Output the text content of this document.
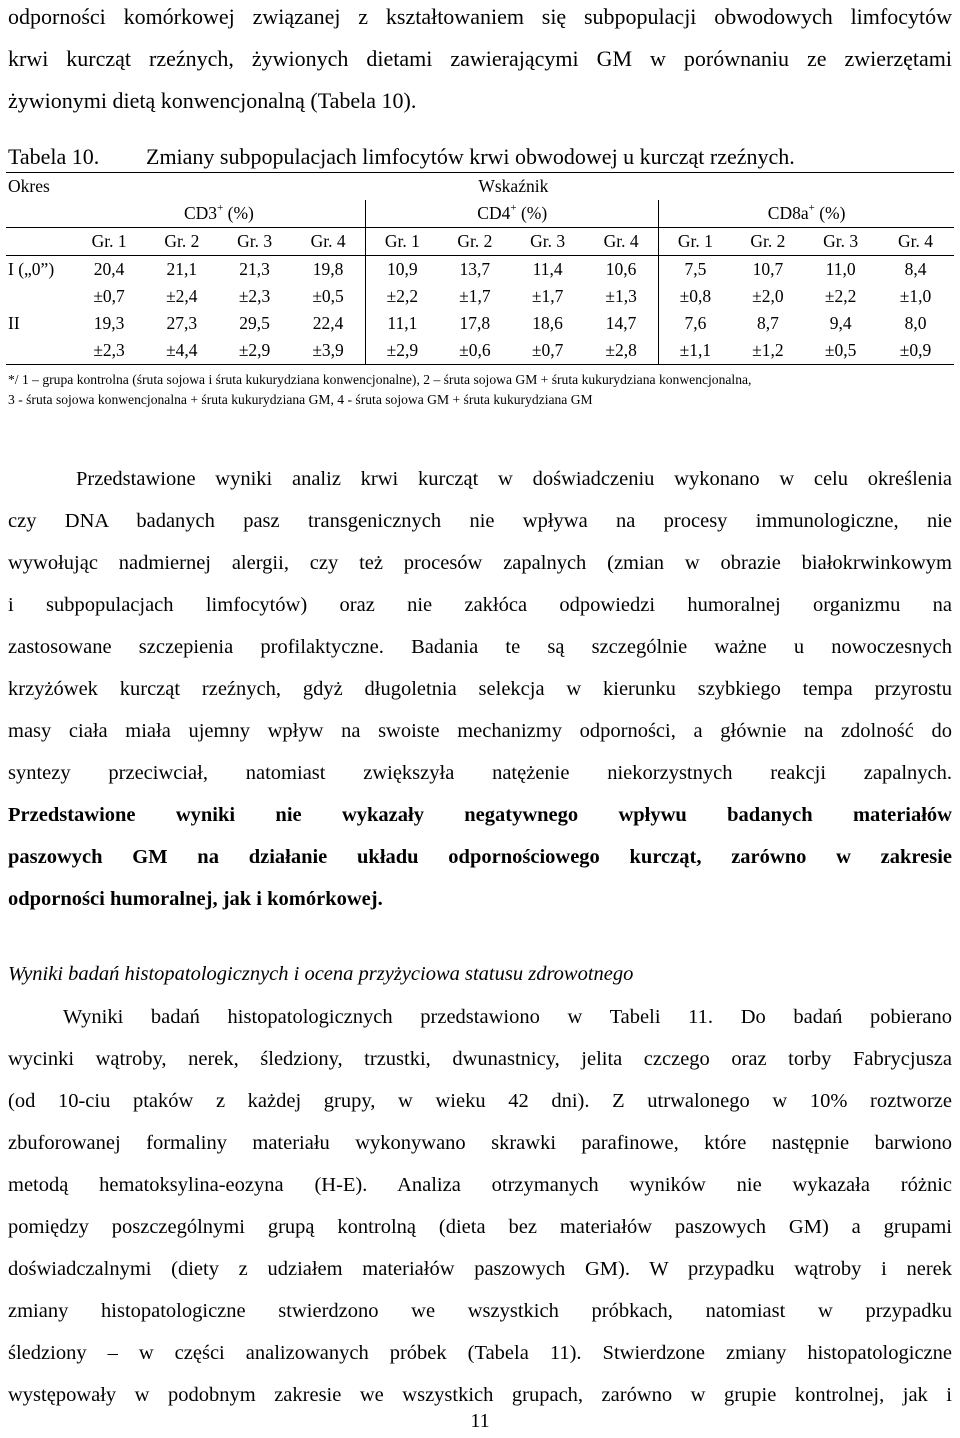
odporności komórkowej związanej z kształtowaniem się subpopulacji obwodowych limfocytów
krwi kurcząt rzeźnych, żywionych dietami zawierającymi GM w porównaniu ze zwierzętami
żywionymi dietą konwencjonalną (Tabela 10).
Tabela 10. Zmiany subpopulacjach limfocytów krwi obwodowej u kurcząt rzeźnych.
Okres	Wskaźnik											
	CD3+ (%)				CD4+ (%)				CD8a+ (%)			
	Gr. 1	Gr. 2	Gr. 3	Gr. 4	Gr. 1	Gr. 2	Gr. 3	Gr. 4	Gr. 1	Gr. 2	Gr. 3	Gr. 4
I („0”)	20,4	21,1	21,3	19,8	10,9	13,7	11,4	10,6	7,5	10,7	11,0	8,4
	±0,7	±2,4	±2,3	±0,5	±2,2	±1,7	±1,7	±1,3	±0,8	±2,0	±2,2	±1,0
II	19,3	27,3	29,5	22,4	11,1	17,8	18,6	14,7	7,6	8,7	9,4	8,0
	±2,3	±4,4	±2,9	±3,9	±2,9	±0,6	±0,7	±2,8	±1,1	±1,2	±0,5	±0,9
*/ 1 – grupa kontrolna (śruta sojowa i śruta kukurydziana konwencjonalne), 2 – śruta sojowa GM + śruta kukurydziana konwencjonalna,
3 - śruta sojowa konwencjonalna + śruta kukurydziana GM, 4 - śruta sojowa GM + śruta kukurydziana GM
Przedstawione wyniki analiz krwi kurcząt w doświadczeniu wykonano w celu określenia
czy DNA badanych pasz transgenicznych nie wpływa na procesy immunologiczne, nie
wywołując nadmiernej alergii, czy też procesów zapalnych (zmian w obrazie białokrwinkowym
i subpopulacjach limfocytów) oraz nie zakłóca odpowiedzi humoralnej organizmu na
zastosowane szczepienia profilaktyczne. Badania te są szczególnie ważne u nowoczesnych
krzyżówek kurcząt rzeźnych, gdyż długoletnia selekcja w kierunku szybkiego tempa przyrostu
masy ciała miała ujemny wpływ na swoiste mechanizmy odporności, a głównie na zdolność do
syntezy przeciwciał, natomiast zwiększyła natężenie niekorzystnych reakcji zapalnych.
Przedstawione wyniki nie wykazały negatywnego wpływu badanych materiałów
paszowych GM na działanie układu odpornościowego kurcząt, zarówno w zakresie
odporności humoralnej, jak i komórkowej.
Wyniki badań histopatologicznych i ocena przyżyciowa statusu zdrowotnego
Wyniki badań histopatologicznych przedstawiono w Tabeli 11. Do badań pobierano
wycinki wątroby, nerek, śledziony, trzustki, dwunastnicy, jelita czczego oraz torby Fabrycjusza
(od 10-ciu ptaków z każdej grupy, w wieku 42 dni). Z utrwalonego w 10% roztworze
zbuforowanej formaliny materiału wykonywano skrawki parafinowe, które następnie barwiono
metodą hematoksylina-eozyna (H-E). Analiza otrzymanych wyników nie wykazała różnic
pomiędzy poszczególnymi grupą kontrolną (dieta bez materiałów paszowych GM) a grupami
doświadczalnymi (diety z udziałem materiałów paszowych GM). W przypadku wątroby i nerek
zmiany histopatologiczne stwierdzono we wszystkich próbkach, natomiast w przypadku
śledziony – w części analizowanych próbek (Tabela 11). Stwierdzone zmiany histopatologiczne
występowały w podobnym zakresie we wszystkich grupach, zarówno w grupie kontrolnej, jak i
11
